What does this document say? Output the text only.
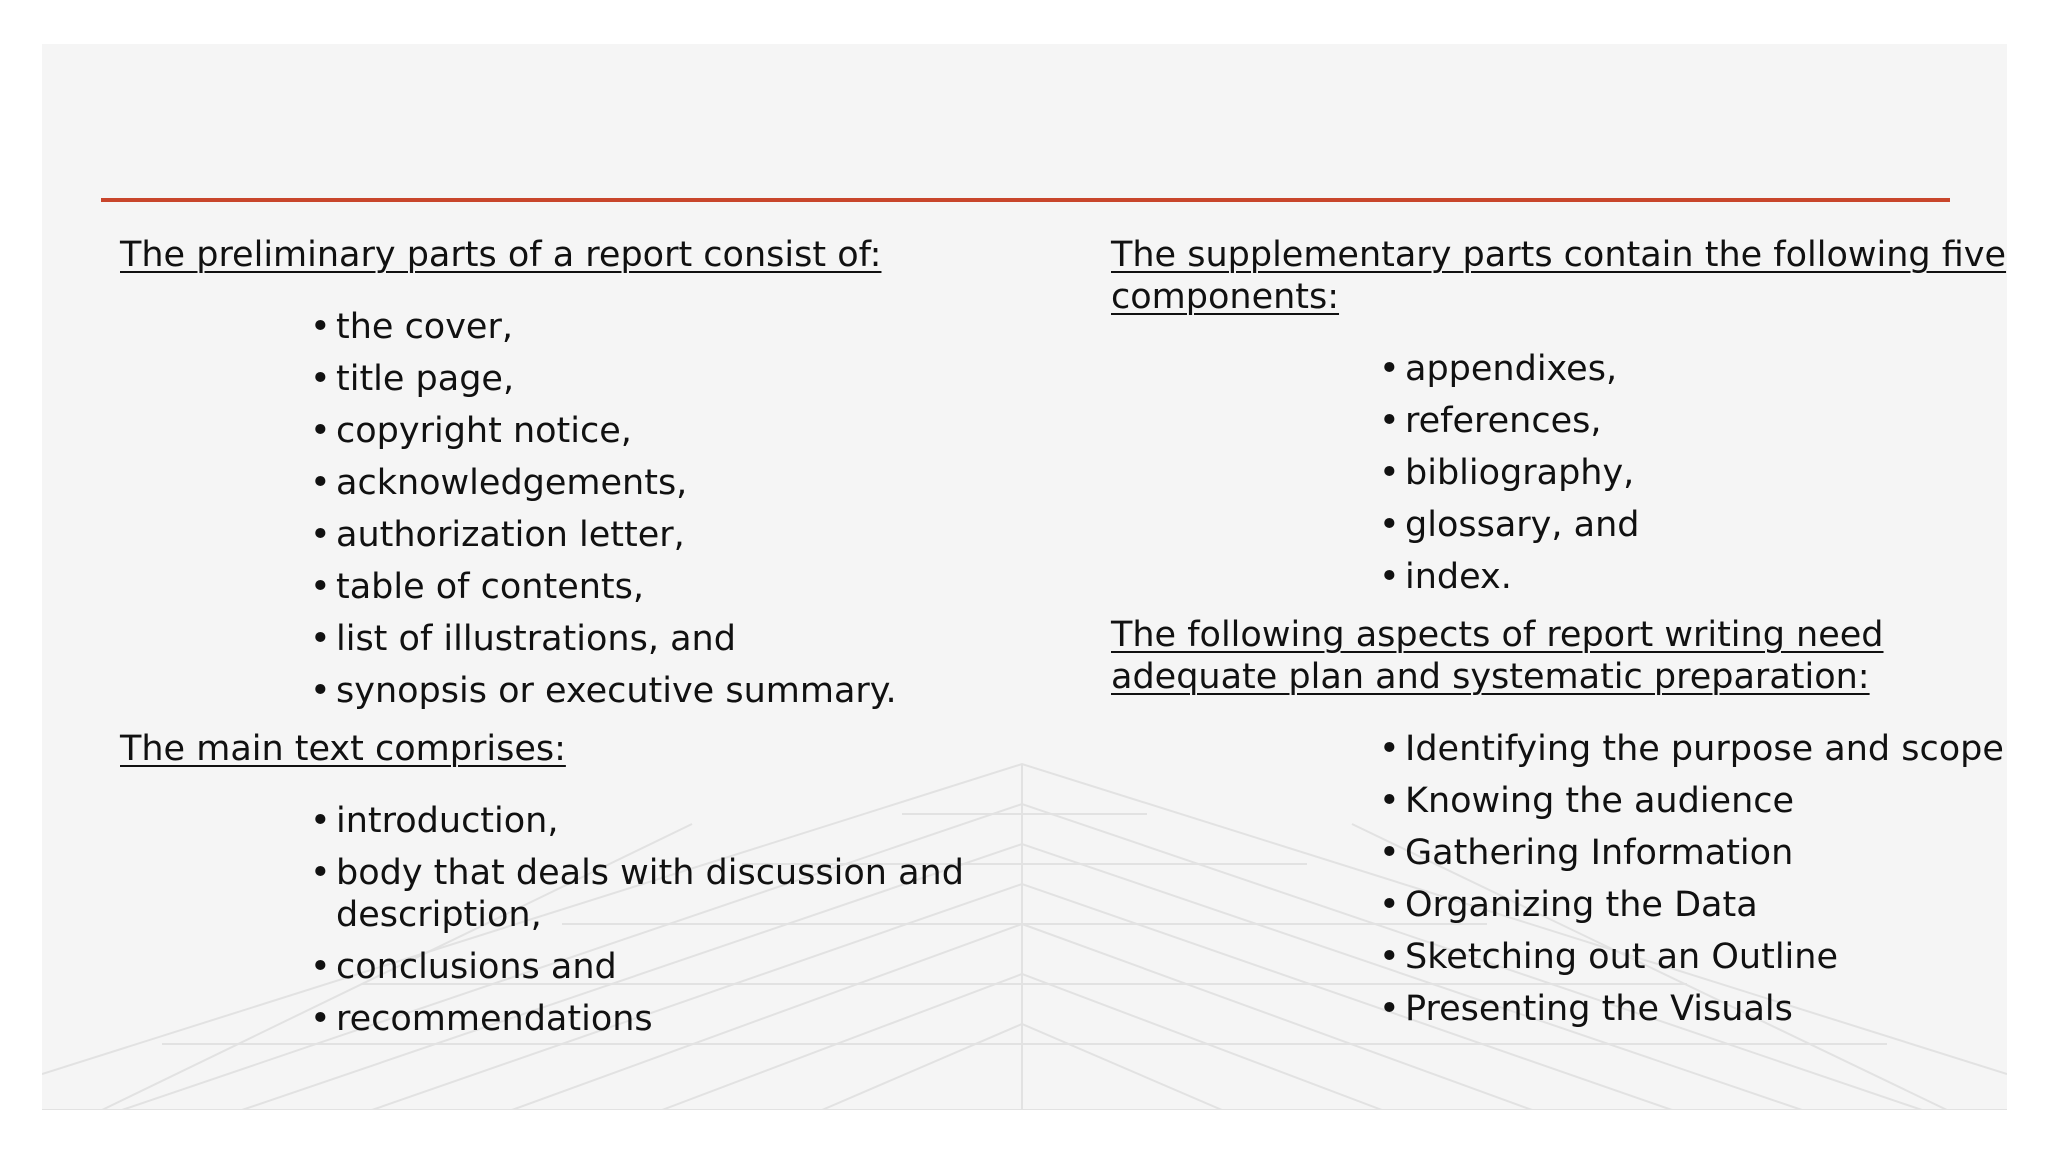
The preliminary parts of a report consist of:

• the cover,
• title page,
• copyright notice,
• acknowledgements,
• authorization letter,
• table of contents,
• list of illustrations, and
• synopsis or executive summary.

The main text comprises:

• introduction,
• body that deals with discussion and description,
• conclusions and
• recommendations

The supplementary parts contain the following five components:

• appendixes,
• references,
• bibliography,
• glossary, and
• index.

The following aspects of report writing need adequate plan and systematic preparation:

• Identifying the purpose and scope
• Knowing the audience
• Gathering Information
• Organizing the Data
• Sketching out an Outline
• Presenting the Visuals
